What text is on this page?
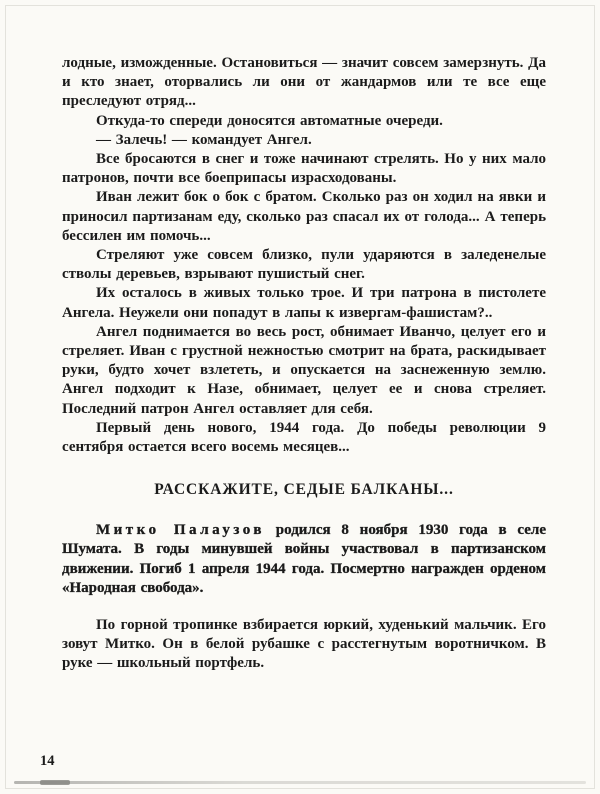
лодные, изможденные. Остановиться — значит совсем замерзнуть. Да и кто знает, оторвались ли они от жандармов или те все еще преследуют отряд...

Откуда-то спереди доносятся автоматные очереди.

— Залечь! — командует Ангел.

Все бросаются в снег и тоже начинают стрелять. Но у них мало патронов, почти все боеприпасы израсходованы.

Иван лежит бок о бок с братом. Сколько раз он ходил на явки и приносил партизанам еду, сколько раз спасал их от голода... А теперь бессилен им помочь...

Стреляют уже совсем близко, пули ударяются в заледенелые стволы деревьев, взрывают пушистый снег.

Их осталось в живых только трое. И три патрона в пистолете Ангела. Неужели они попадут в лапы к извергам-фашистам?..

Ангел поднимается во весь рост, обнимает Иванчо, целует его и стреляет. Иван с грустной нежностью смотрит на брата, раскидывает руки, будто хочет взлететь, и опускается на заснеженную землю. Ангел подходит к Назе, обнимает, целует ее и снова стреляет. Последний патрон Ангел оставляет для себя.

Первый день нового, 1944 года. До победы революции 9 сентября остается всего восемь месяцев...

РАССКАЖИТЕ, СЕДЫЕ БАЛКАНЫ...

Митко Палаузов родился 8 ноября 1930 года в селе Шумата. В годы минувшей войны участвовал в партизанском движении. Погиб 1 апреля 1944 года. Посмертно награжден орденом «Народная свобода».

По горной тропинке взбирается юркий, худенький мальчик. Его зовут Митко. Он в белой рубашке с расстегнутым воротничком. В руке — школьный портфель.

14
